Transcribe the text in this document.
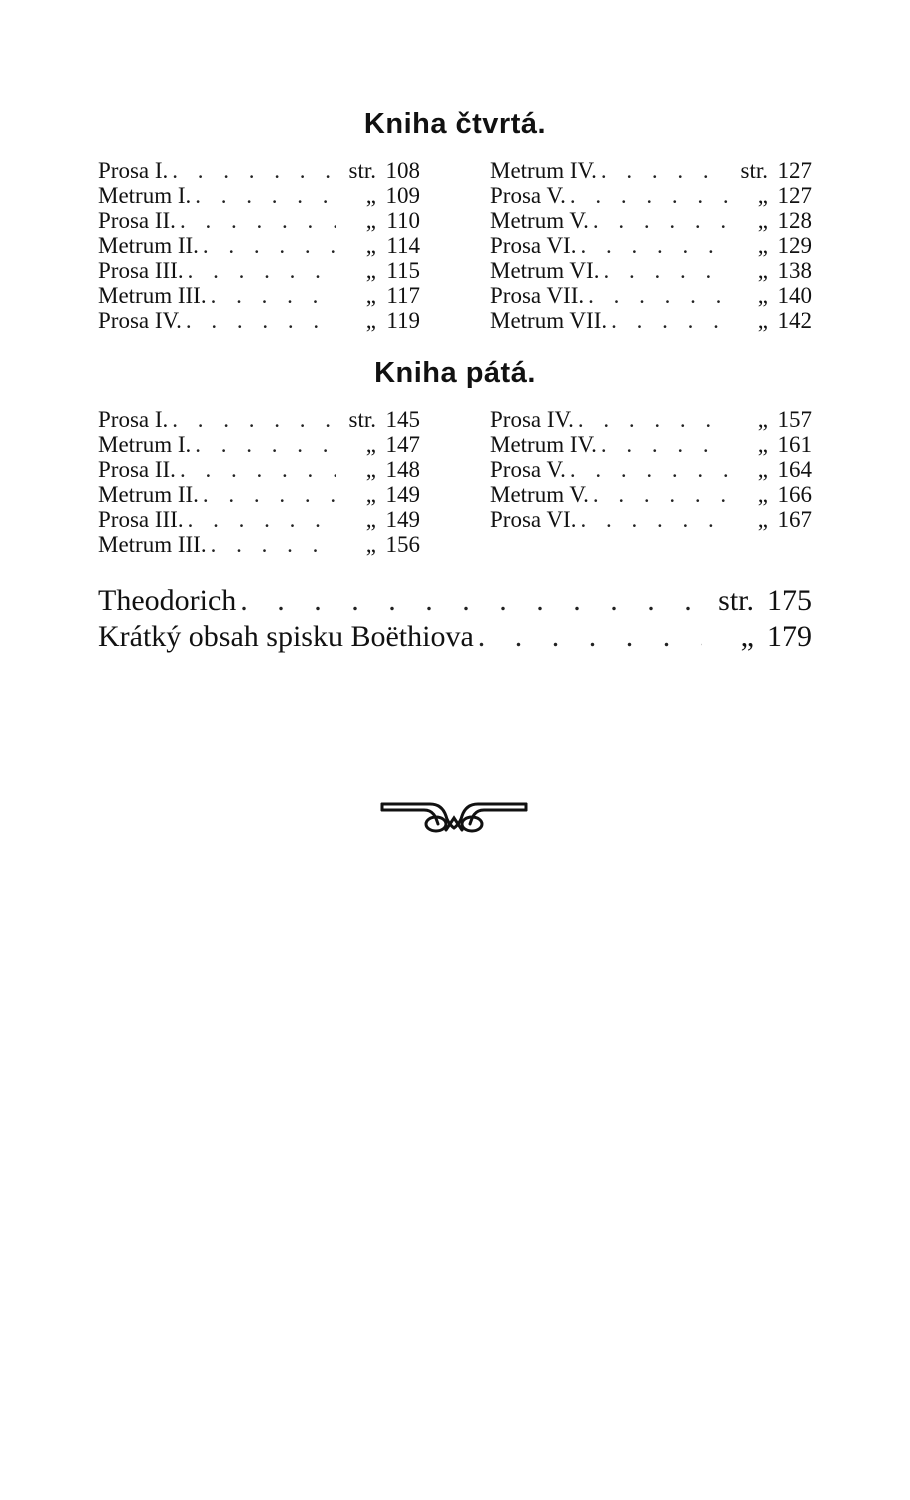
Kniha čtvrtá.
Prosa I. . . .	str. 108
Metrum I. . . .	„ 109
Prosa II. . . .	„ 110
Metrum II. . . .	„ 114
Prosa III. . . .	„ 115
Metrum III. . . .	„ 117
Prosa IV. . . .	„ 119
Metrum IV. . . .	str. 127
Prosa V. . . .	„ 127
Metrum V. . . .	„ 128
Prosa VI. . . .	„ 129
Metrum VI. . . .	„ 138
Prosa VII. . . .	„ 140
Metrum VII. . . .	„ 142
Kniha pátá.
Prosa I. . . .	str. 145
Metrum I. . . .	„ 147
Prosa II. . . .	„ 148
Metrum II. . . .	„ 149
Prosa III. . . .	„ 149
Metrum III. . . .	„ 156
Prosa IV. . . .	„ 157
Metrum IV. . . .	„ 161
Prosa V. . . .	„ 164
Metrum V. . . .	„ 166
Prosa VI. . . .	„ 167
Theodorich . . .	str. 175
Krátký obsah spisku Boëthiova . . .	„ 179
